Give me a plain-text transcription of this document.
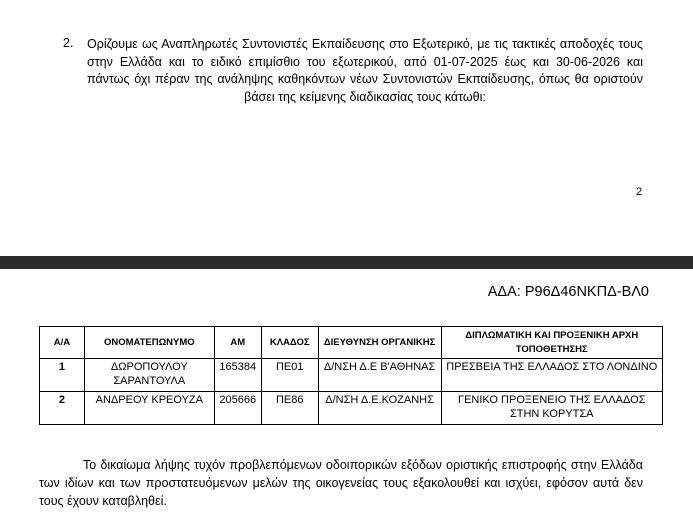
2. Ορίζουμε ως Αναπληρωτές Συντονιστές Εκπαίδευσης στο Εξωτερικό, με τις τακτικές αποδοχές τους στην Ελλάδα και το ειδικό επιμίσθιο του εξωτερικού, από 01-07-2025 έως και 30-06-2026 και πάντως όχι πέραν της ανάληψης καθηκόντων νέων Συντονιστών Εκπαίδευσης, όπως θα οριστούν βάσει της κείμενης διαδικασίας τους κάτωθι:
2
ΑΔΑ: Ρ96Δ46ΝΚΠΔ-ΒΛ0
Α/Α	ΟΝΟΜΑΤΕΠΩΝΥΜΟ	ΑΜ	ΚΛΑΔΟΣ	ΔΙΕΥΘΥΝΣΗ ΟΡΓΑΝΙΚΗΣ	ΔΙΠΛΩΜΑΤΙΚΗ ΚΑΙ ΠΡΟΞΕΝΙΚΗ ΑΡΧΗ ΤΟΠΟΘΕΤΗΣΗΣ
1	ΔΩΡΟΠΟΥΛΟΥ ΣΑΡΑΝΤΟΥΛΑ	165384	ΠΕ01	Δ/ΝΣΗ Δ.Ε Β'ΑΘΗΝΑΣ	ΠΡΕΣΒΕΙΑ ΤΗΣ ΕΛΛΑΔΟΣ ΣΤΟ ΛΟΝΔΙΝΟ
2	ΑΝΔΡΕΟΥ ΚΡΕΟΥΖΑ	205666	ΠΕ86	Δ/ΝΣΗ Δ.Ε.ΚΟΖΑΝΗΣ	ΓΕΝΙΚΟ ΠΡΟΞΕΝΕΙΟ ΤΗΣ ΕΛΛΑΔΟΣ ΣΤΗΝ ΚΟΡΥΤΣΑ
Το δικαίωμα λήψης τυχόν προβλεπόμενων οδοιπορικών εξόδων οριστικής επιστροφής στην Ελλάδα των ιδίων και των προστατευόμενων μελών της οικογενείας τους εξακολουθεί και ισχύει, εφόσον αυτά δεν τους έχουν καταβληθεί.
